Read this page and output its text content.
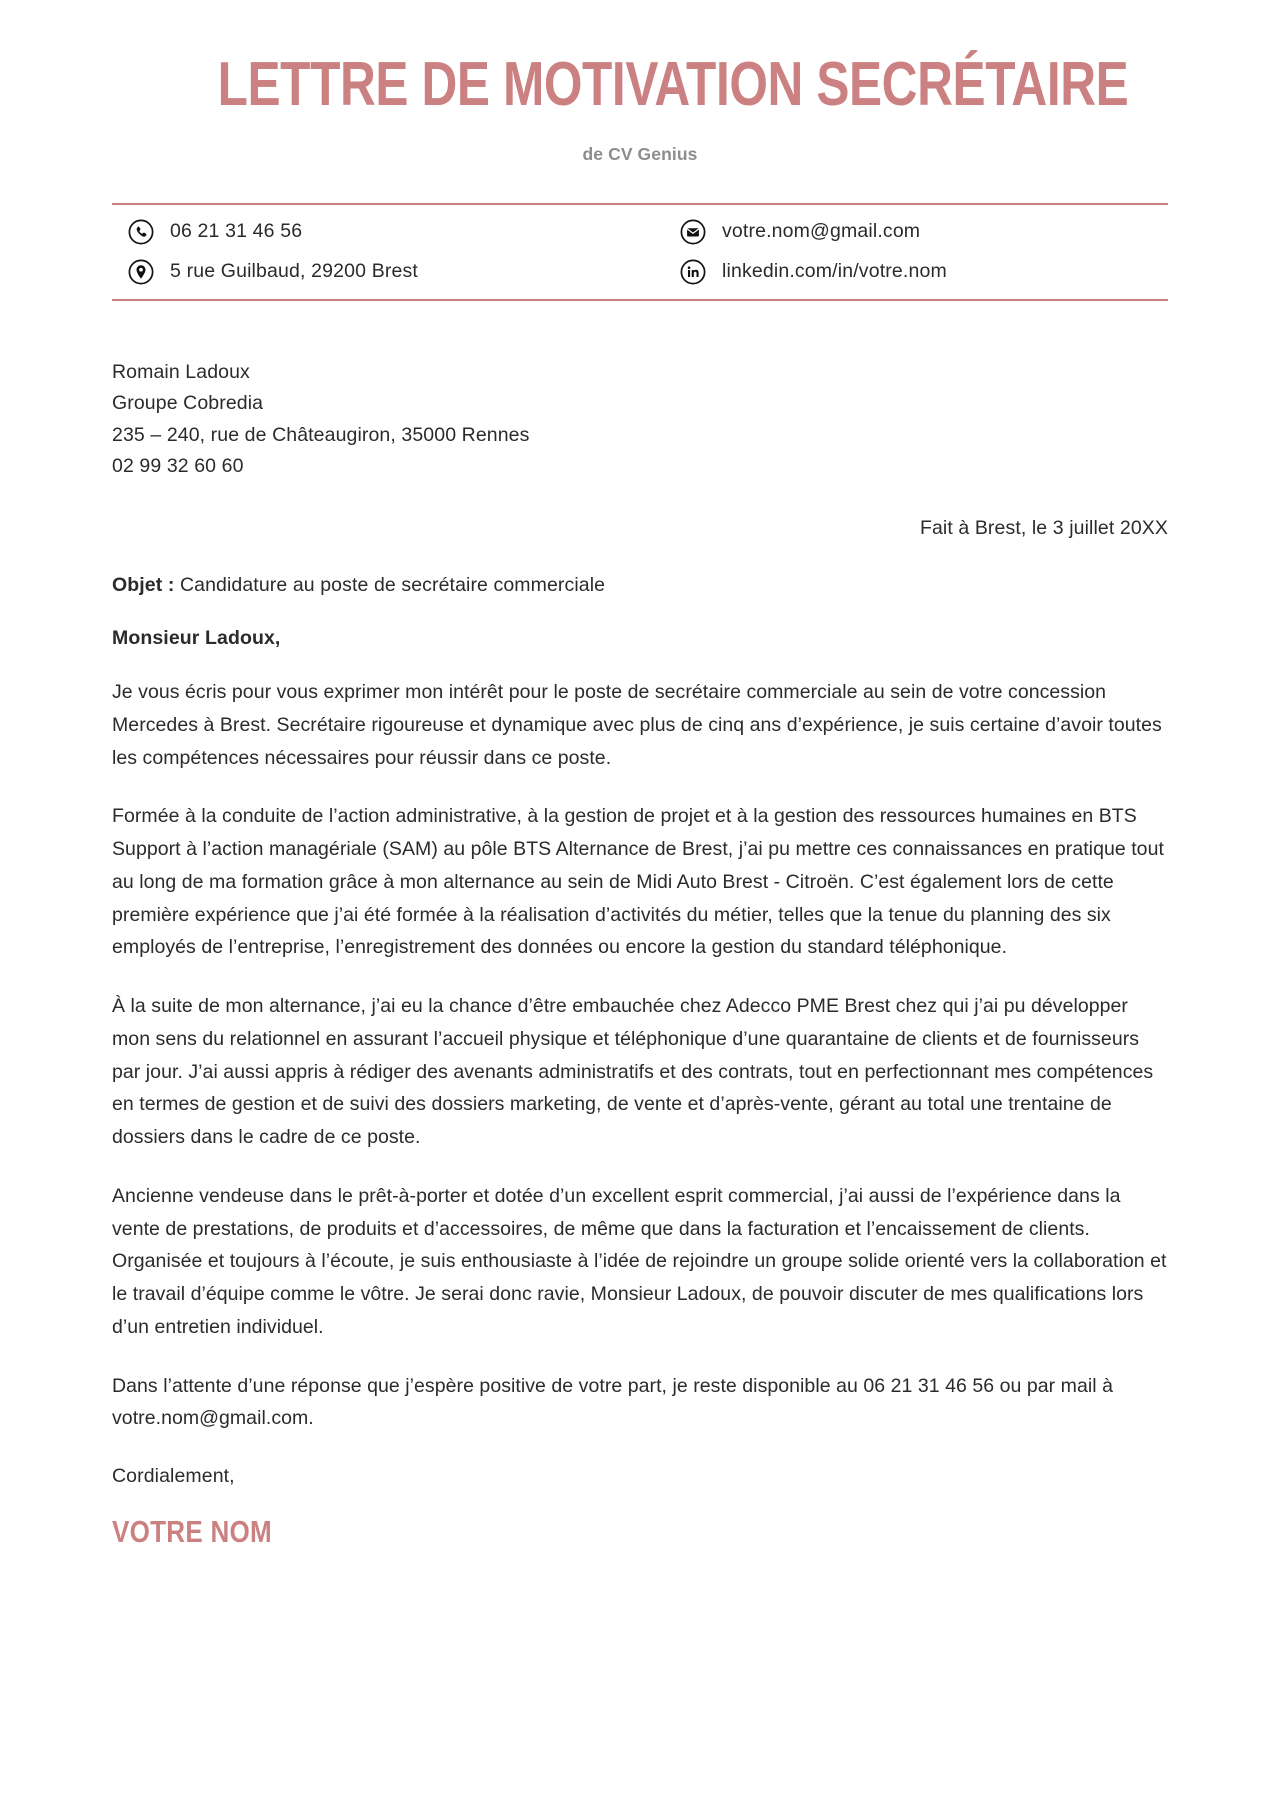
LETTRE DE MOTIVATION SECRÉTAIRE
de CV Genius
06 21 31 46 56	votre.nom@gmail.com
5 rue Guilbaud, 29200 Brest	linkedin.com/in/votre.nom
Romain Ladoux
Groupe Cobredia
235 – 240, rue de Châteaugiron, 35000 Rennes
02 99 32 60 60
Fait à Brest, le 3 juillet 20XX
Objet : Candidature au poste de secrétaire commerciale
Monsieur Ladoux,

Je vous écris pour vous exprimer mon intérêt pour le poste de secrétaire commerciale au sein de votre concession Mercedes à Brest. Secrétaire rigoureuse et dynamique avec plus de cinq ans d’expérience, je suis certaine d’avoir toutes les compétences nécessaires pour réussir dans ce poste.

Formée à la conduite de l’action administrative, à la gestion de projet et à la gestion des ressources humaines en BTS Support à l’action managériale (SAM) au pôle BTS Alternance de Brest, j’ai pu mettre ces connaissances en pratique tout au long de ma formation grâce à mon alternance au sein de Midi Auto Brest - Citroën. C’est également lors de cette première expérience que j’ai été formée à la réalisation d’activités du métier, telles que la tenue du planning des six employés de l’entreprise, l’enregistrement des données ou encore la gestion du standard téléphonique.

À la suite de mon alternance, j’ai eu la chance d’être embauchée chez Adecco PME Brest chez qui j’ai pu développer mon sens du relationnel en assurant l’accueil physique et téléphonique d’une quarantaine de clients et de fournisseurs par jour. J’ai aussi appris à rédiger des avenants administratifs et des contrats, tout en perfectionnant mes compétences en termes de gestion et de suivi des dossiers marketing, de vente et d’après-vente, gérant au total une trentaine de dossiers dans le cadre de ce poste.

Ancienne vendeuse dans le prêt-à-porter et dotée d’un excellent esprit commercial, j’ai aussi de l’expérience dans la vente de prestations, de produits et d’accessoires, de même que dans la facturation et l’encaissement de clients. Organisée et toujours à l’écoute, je suis enthousiaste à l’idée de rejoindre un groupe solide orienté vers la collaboration et le travail d’équipe comme le vôtre. Je serai donc ravie, Monsieur Ladoux, de pouvoir discuter de mes qualifications lors d’un entretien individuel.

Dans l’attente d’une réponse que j’espère positive de votre part, je reste disponible au 06 21 31 46 56 ou par mail à votre.nom@gmail.com.

Cordialement,
VOTRE NOM
